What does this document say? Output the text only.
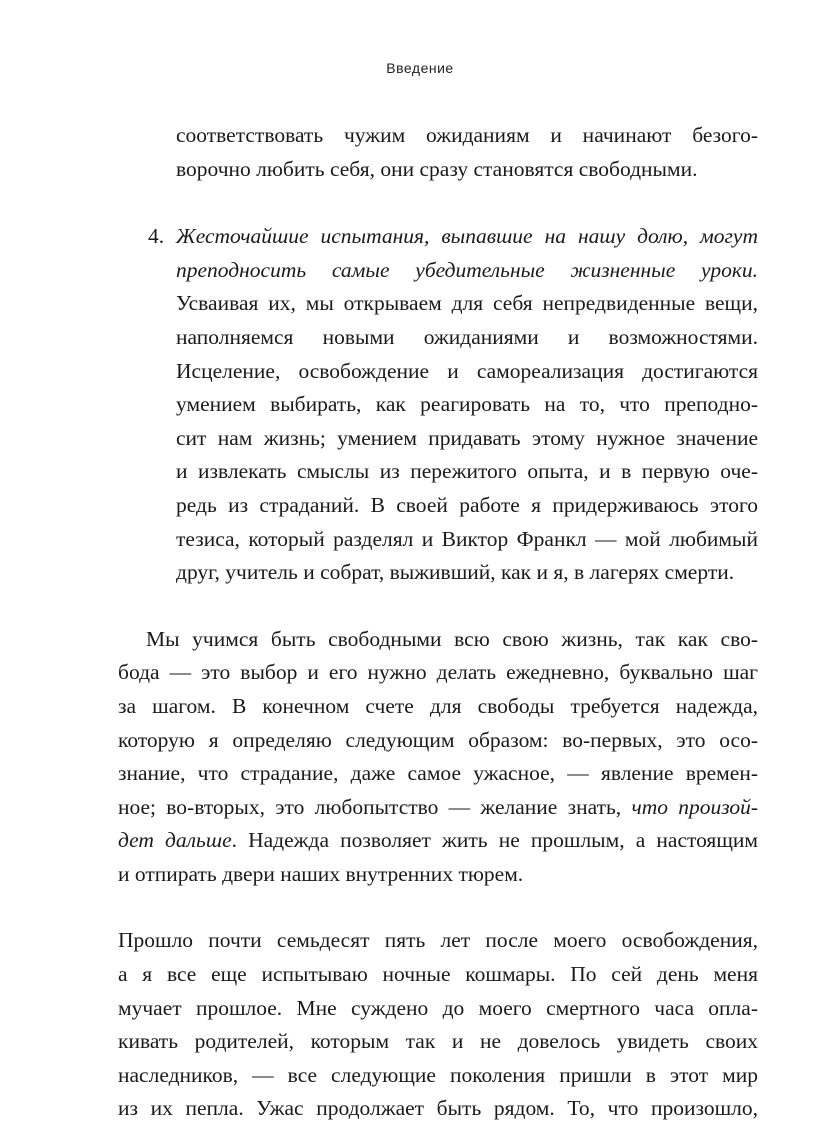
Введение
соответствовать чужим ожиданиям и начинают безого-
ворочно любить себя, они сразу становятся свободными.
4. Жесточайшие испытания, выпавшие на нашу долю, могут
преподносить самые убедительные жизненные уроки.
Усваивая их, мы открываем для себя непредвиденные вещи,
наполняемся новыми ожиданиями и возможностями.
Исцеление, освобождение и самореализация достигаются
умением выбирать, как реагировать на то, что преподно-
сит нам жизнь; умением придавать этому нужное значение
и извлекать смыслы из пережитого опыта, и в первую оче-
редь из страданий. В своей работе я придерживаюсь этого
тезиса, который разделял и Виктор Франкл — мой любимый
друг, учитель и собрат, выживший, как и я, в лагерях смерти.
Мы учимся быть свободными всю свою жизнь, так как сво-
бода — это выбор и его нужно делать ежедневно, буквально шаг
за шагом. В конечном счете для свободы требуется надежда,
которую я определяю следующим образом: во-первых, это осо-
знание, что страдание, даже самое ужасное, — явление времен-
ное; во-вторых, это любопытство — желание знать, что произой-
дет дальше. Надежда позволяет жить не прошлым, а настоящим
и отпирать двери наших внутренних тюрем.
Прошло почти семьдесят пять лет после моего освобождения,
а я все еще испытываю ночные кошмары. По сей день меня
мучает прошлое. Мне суждено до моего смертного часа опла-
кивать родителей, которым так и не довелось увидеть своих
наследников, — все следующие поколения пришли в этот мир
из их пепла. Ужас продолжает быть рядом. То, что произошло,
